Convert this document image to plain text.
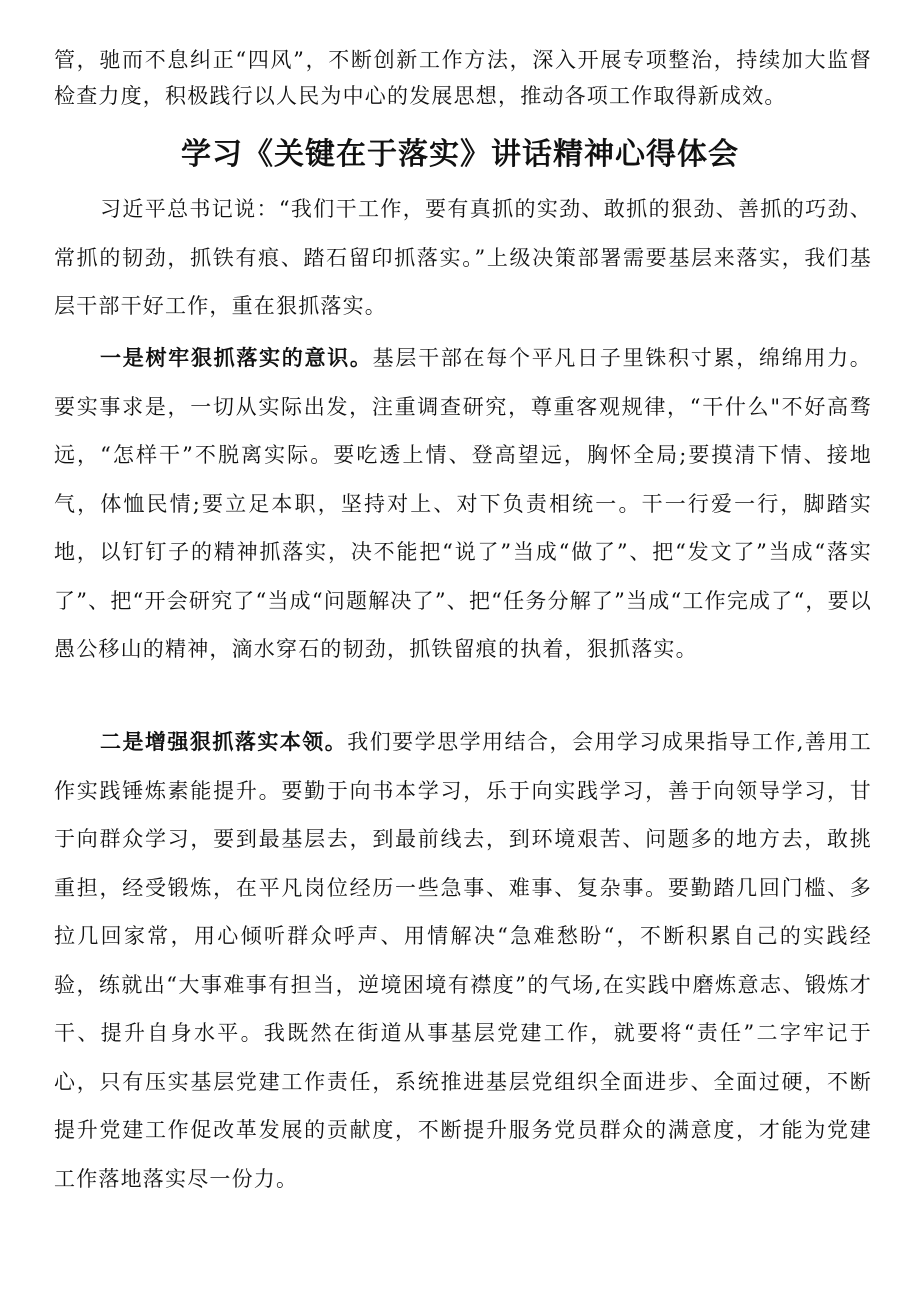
管，驰而不息纠正“四风”，不断创新工作方法，深入开展专项整治，持续加大监督检查力度，积极践行以人民为中心的发展思想，推动各项工作取得新成效。

学习《关键在于落实》讲话精神心得体会

习近平总书记说：“我们干工作，要有真抓的实劲、敢抓的狠劲、善抓的巧劲、常抓的韧劲，抓铁有痕、踏石留印抓落实。”上级决策部署需要基层来落实，我们基层干部干好工作，重在狠抓落实。

一是树牢狠抓落实的意识。基层干部在每个平凡日子里铢积寸累，绵绵用力。要实事求是，一切从实际出发，注重调查研究，尊重客观规律，“干什么"不好高骛远，“怎样干”不脱离实际。要吃透上情、登高望远，胸怀全局;要摸清下情、接地气，体恤民情;要立足本职，坚持对上、对下负责相统一。干一行爱一行，脚踏实地，以钉钉子的精神抓落实，决不能把“说了”当成“做了”、把“发文了”当成“落实了”、把“开会研究了“当成“问题解决了”、把“任务分解了”当成“工作完成了“，要以愚公移山的精神，滴水穿石的韧劲，抓铁留痕的执着，狠抓落实。

二是增强狠抓落实本领。我们要学思学用结合，会用学习成果指导工作,善用工作实践锤炼素能提升。要勤于向书本学习，乐于向实践学习，善于向领导学习，甘于向群众学习，要到最基层去，到最前线去，到环境艰苦、问题多的地方去，敢挑重担，经受锻炼，在平凡岗位经历一些急事、难事、复杂事。要勤踏几回门槛、多拉几回家常，用心倾听群众呼声、用情解决“急难愁盼“，不断积累自己的实践经验，练就出“大事难事有担当，逆境困境有襟度”的气场,在实践中磨炼意志、锻炼才干、提升自身水平。我既然在街道从事基层党建工作，就要将“责任”二字牢记于心，只有压实基层党建工作责任，系统推进基层党组织全面进步、全面过硬，不断提升党建工作促改革发展的贡献度，不断提升服务党员群众的满意度，才能为党建工作落地落实尽一份力。
